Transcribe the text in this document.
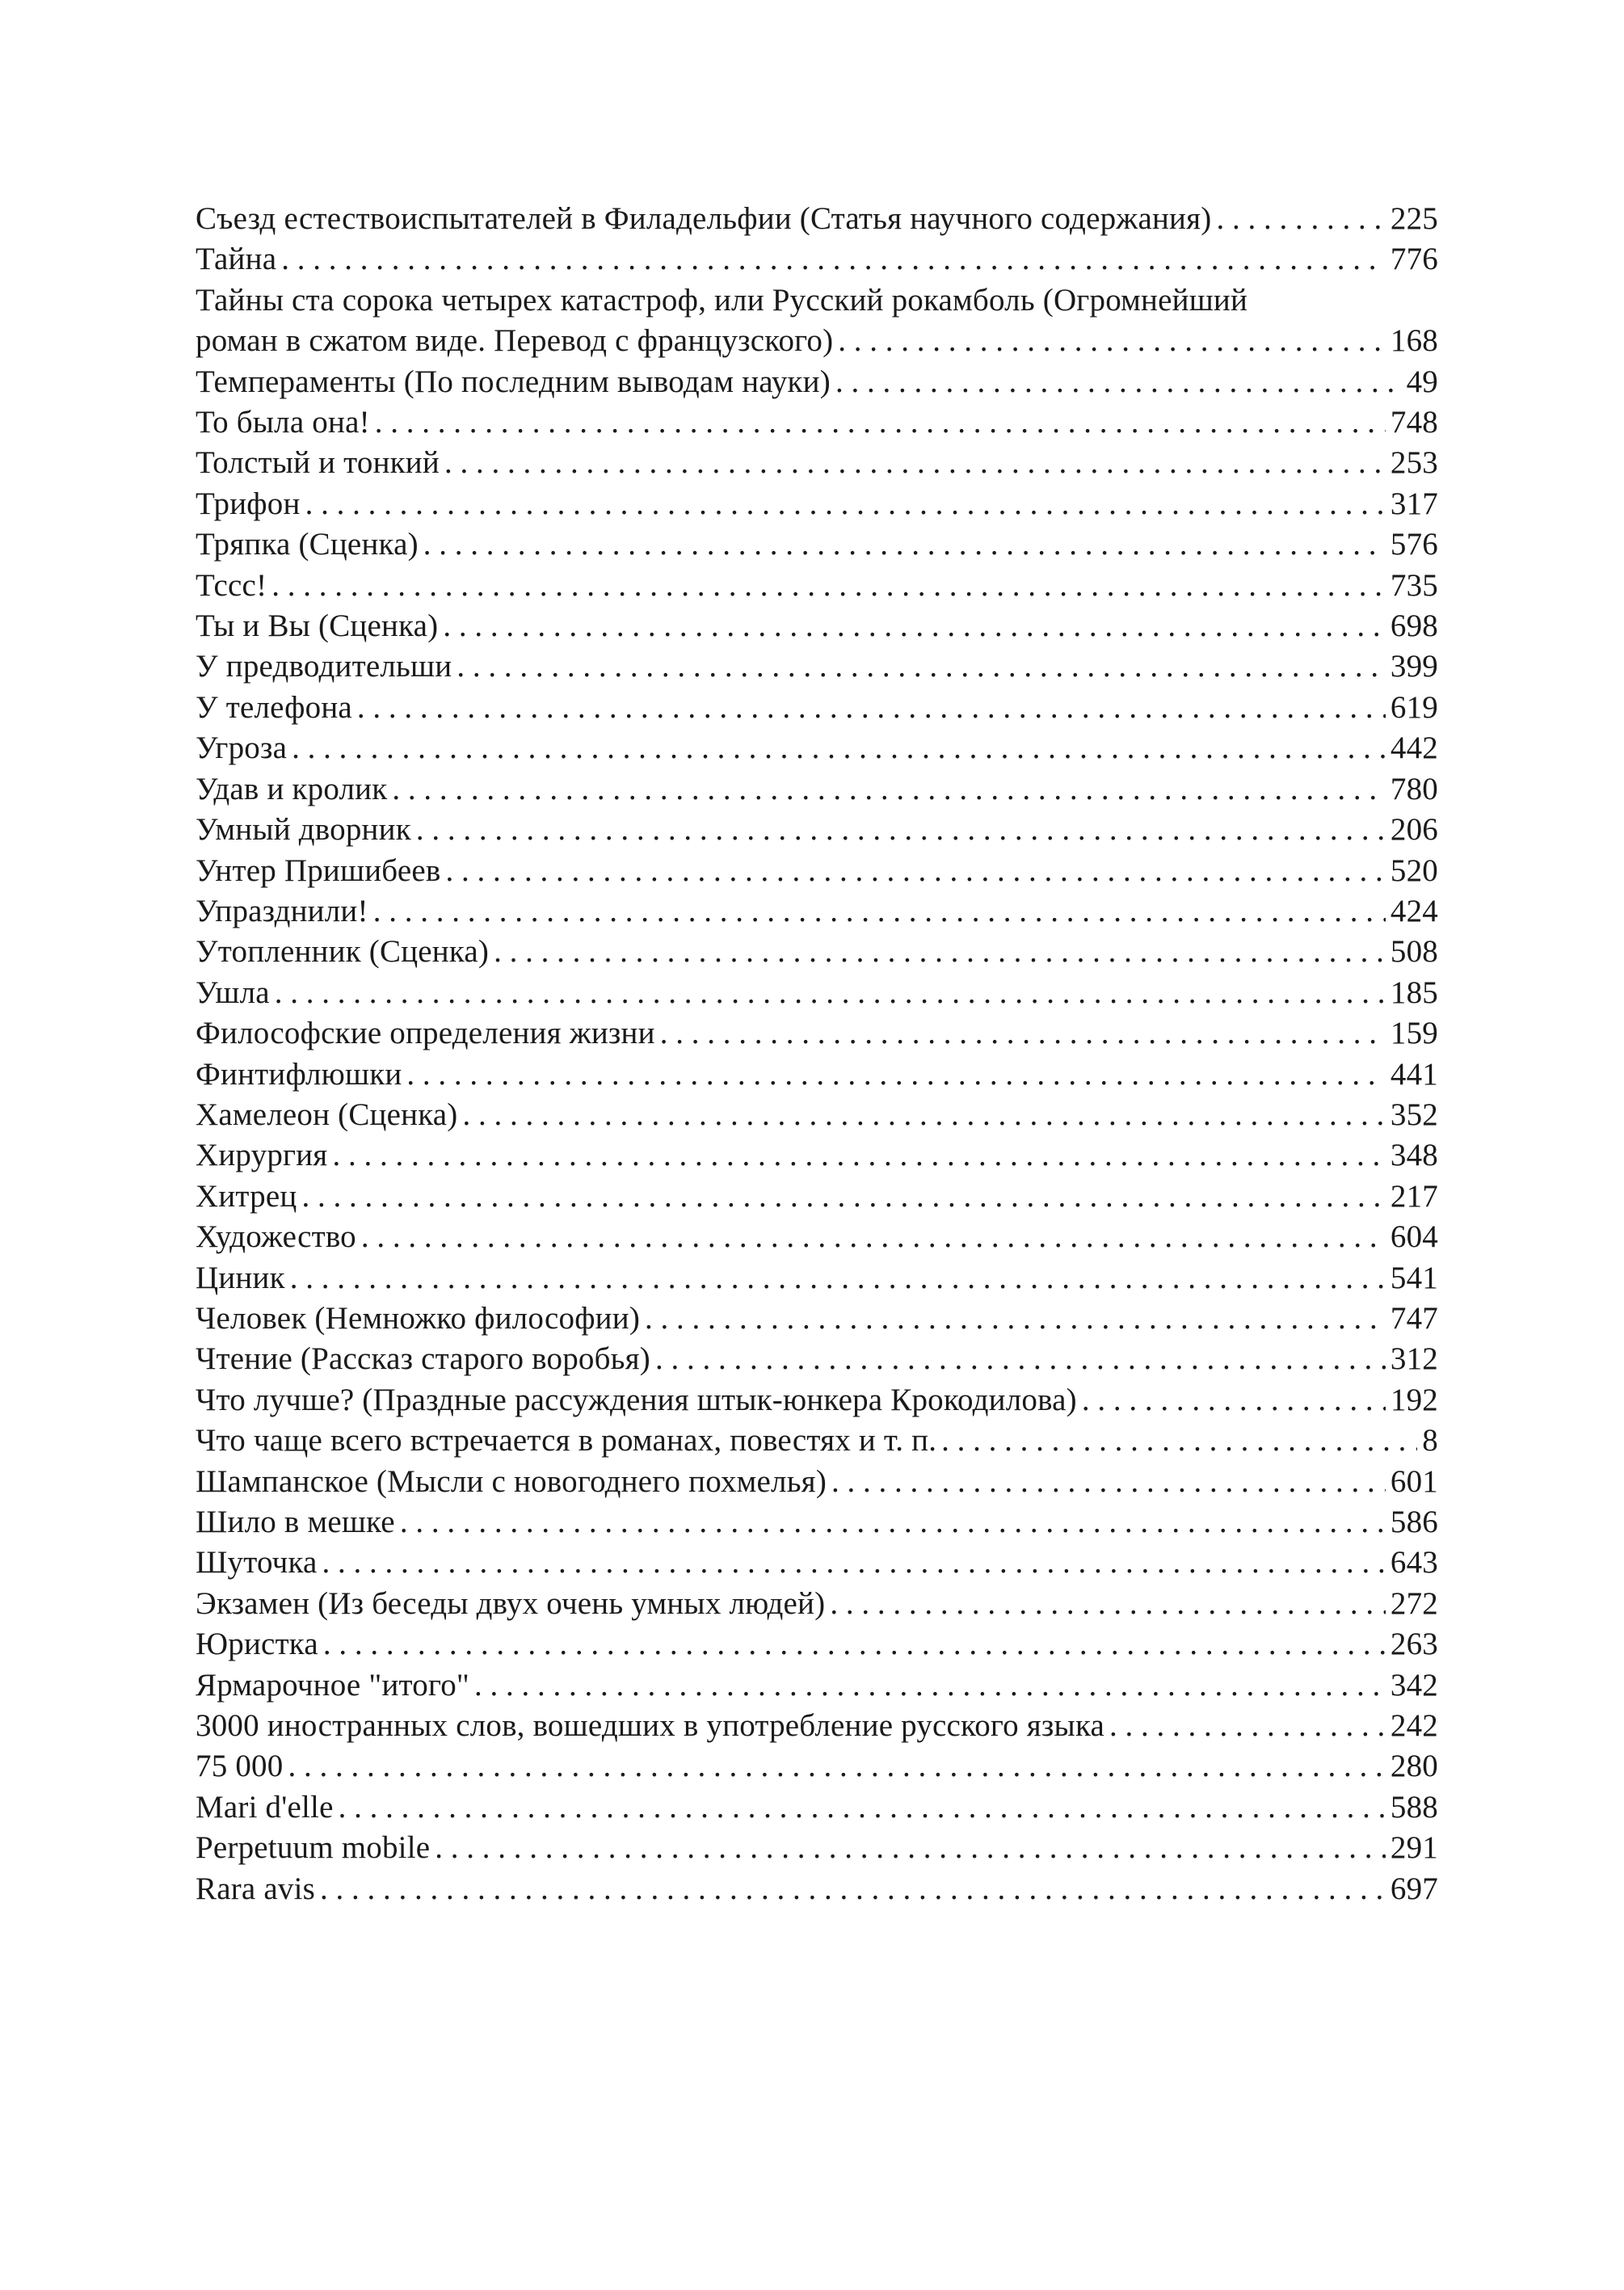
Съезд естествоиспытателей в Филадельфии (Статья научного содержания) . . .	225
Тайна . . .	776
Тайны ста сорока четырех катастроф, или Русский рокамболь (Огромнейший
роман в сжатом виде. Перевод с французского) . . .	168
Темпераменты (По последним выводам науки) . . .	49
То была она! . . .	748
Толстый и тонкий . . .	253
Трифон . . .	317
Тряпка (Сценка) . . .	576
Тссс! . . .	735
Ты и Вы (Сценка) . . .	698
У предводительши . . .	399
У телефона . . .	619
Угроза . . .	442
Удав и кролик . . .	780
Умный дворник . . .	206
Унтер Пришибеев . . .	520
Упразднили! . . .	424
Утопленник (Сценка) . . .	508
Ушла . . .	185
Философские определения жизни . . .	159
Финтифлюшки . . .	441
Хамелеон (Сценка) . . .	352
Хирургия . . .	348
Хитрец . . .	217
Художество . . .	604
Циник . . .	541
Человек (Немножко философии) . . .	747
Чтение (Рассказ старого воробья) . . .	312
Что лучше? (Праздные рассуждения штык-юнкера Крокодилова) . . .	192
Что чаще всего встречается в романах, повестях и т. п. . . .	8
Шампанское (Мысли с новогоднего похмелья) . . .	601
Шило в мешке . . .	586
Шуточка . . .	643
Экзамен (Из беседы двух очень умных людей) . . .	272
Юристка . . .	263
Ярмарочное "итого" . . .	342
3000 иностранных слов, вошедших в употребление русского языка . . .	242
75 000 . . .	280
Mari d'elle . . .	588
Perpetuum mobile . . .	291
Rara avis . . .	697
